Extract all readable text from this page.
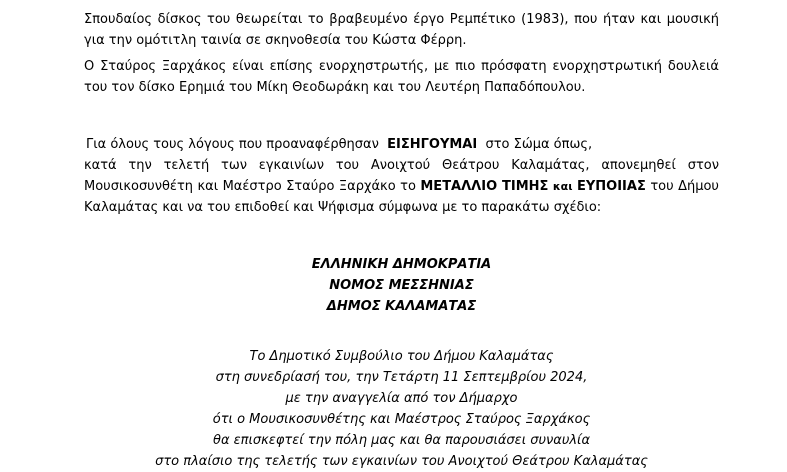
Σπουδαίος δίσκος του θεωρείται το βραβευμένο έργο Ρεμπέτικο (1983), που ήταν και μουσική για την ομότιτλη ταινία σε σκηνοθεσία του Κώστα Φέρρη.

Ο Σταύρος Ξαρχάκος είναι επίσης ενορχηστρωτής, με πιο πρόσφατη ενορχηστρωτική δουλειά του τον δίσκο Ερημιά του Μίκη Θεοδωράκη και του Λευτέρη Παπαδόπουλου.

Για όλους τους λόγους που προαναφέρθησαν ΕΙΣΗΓΟΥΜΑΙ στο Σώμα όπως,
κατά την τελετή των εγκαινίων του Ανοιχτού Θεάτρου Καλαμάτας, απονεμηθεί στον Μουσικοσυνθέτη και Μαέστρο Σταύρο Ξαρχάκο το ΜΕΤΑΛΛΙΟ ΤΙΜΗΣ και ΕΥΠΟΙΙΑΣ του Δήμου Καλαμάτας και να του επιδοθεί και Ψήφισμα σύμφωνα με το παρακάτω σχέδιο:

ΕΛΛΗΝΙΚΗ ΔΗΜΟΚΡΑΤΙΑ
ΝΟΜΟΣ ΜΕΣΣΗΝΙΑΣ
ΔΗΜΟΣ ΚΑΛΑΜΑΤΑΣ
Το Δημοτικό Συμβούλιο του Δήμου Καλαμάτας
στη συνεδρίασή του, την Τετάρτη 11 Σεπτεμβρίου 2024,
με την αναγγελία από τον Δήμαρχο
ότι ο Μουσικοσυνθέτης και Μαέστρος Σταύρος Ξαρχάκος
θα επισκεφτεί την πόλη μας και θα παρουσιάσει συναυλία
στο πλαίσιο της τελετής των εγκαινίων του Ανοιχτού Θεάτρου Καλαμάτας
